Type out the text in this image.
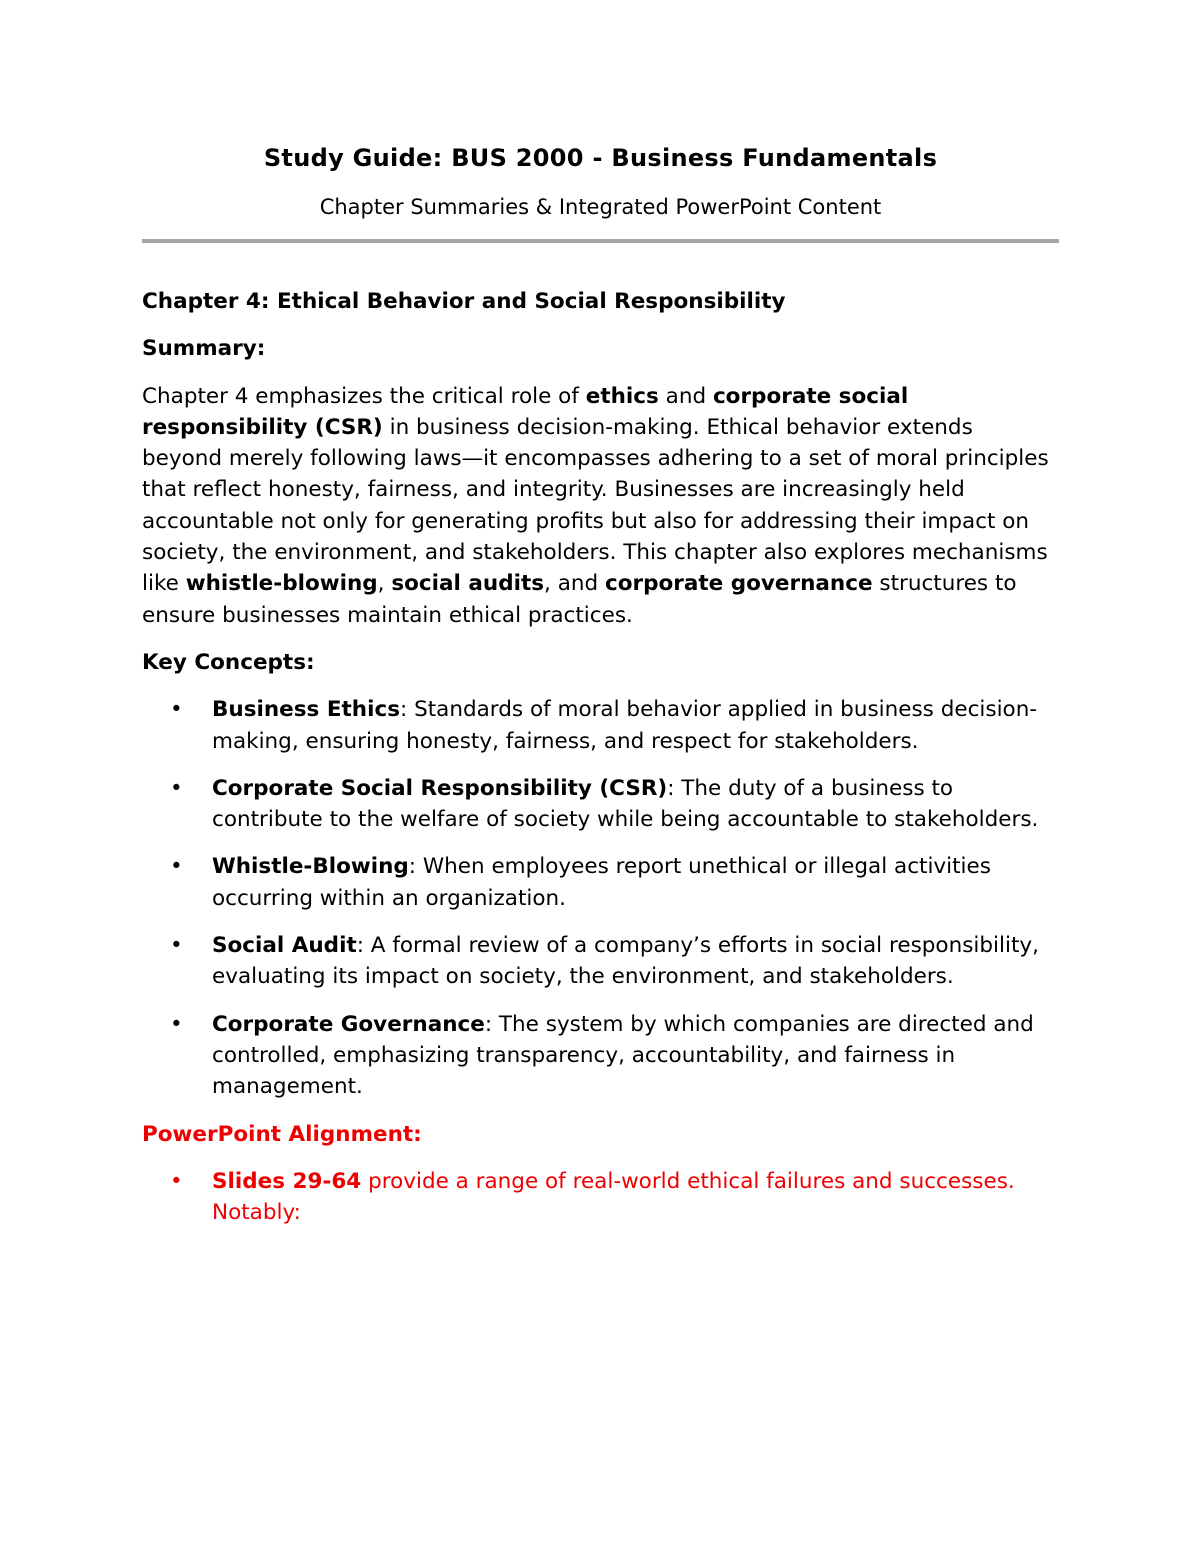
Study Guide: BUS 2000 - Business Fundamentals
Chapter Summaries & Integrated PowerPoint Content

Chapter 4: Ethical Behavior and Social Responsibility

Summary:

Chapter 4 emphasizes the critical role of ethics and corporate social responsibility (CSR) in business decision-making. Ethical behavior extends beyond merely following laws—it encompasses adhering to a set of moral principles that reflect honesty, fairness, and integrity. Businesses are increasingly held accountable not only for generating profits but also for addressing their impact on society, the environment, and stakeholders. This chapter also explores mechanisms like whistle-blowing, social audits, and corporate governance structures to ensure businesses maintain ethical practices.

Key Concepts:

• Business Ethics: Standards of moral behavior applied in business decision-making, ensuring honesty, fairness, and respect for stakeholders.
• Corporate Social Responsibility (CSR): The duty of a business to contribute to the welfare of society while being accountable to stakeholders.
• Whistle-Blowing: When employees report unethical or illegal activities occurring within an organization.
• Social Audit: A formal review of a company’s efforts in social responsibility, evaluating its impact on society, the environment, and stakeholders.
• Corporate Governance: The system by which companies are directed and controlled, emphasizing transparency, accountability, and fairness in management.

PowerPoint Alignment:

• Slides 29-64 provide a range of real-world ethical failures and successes. Notably:
